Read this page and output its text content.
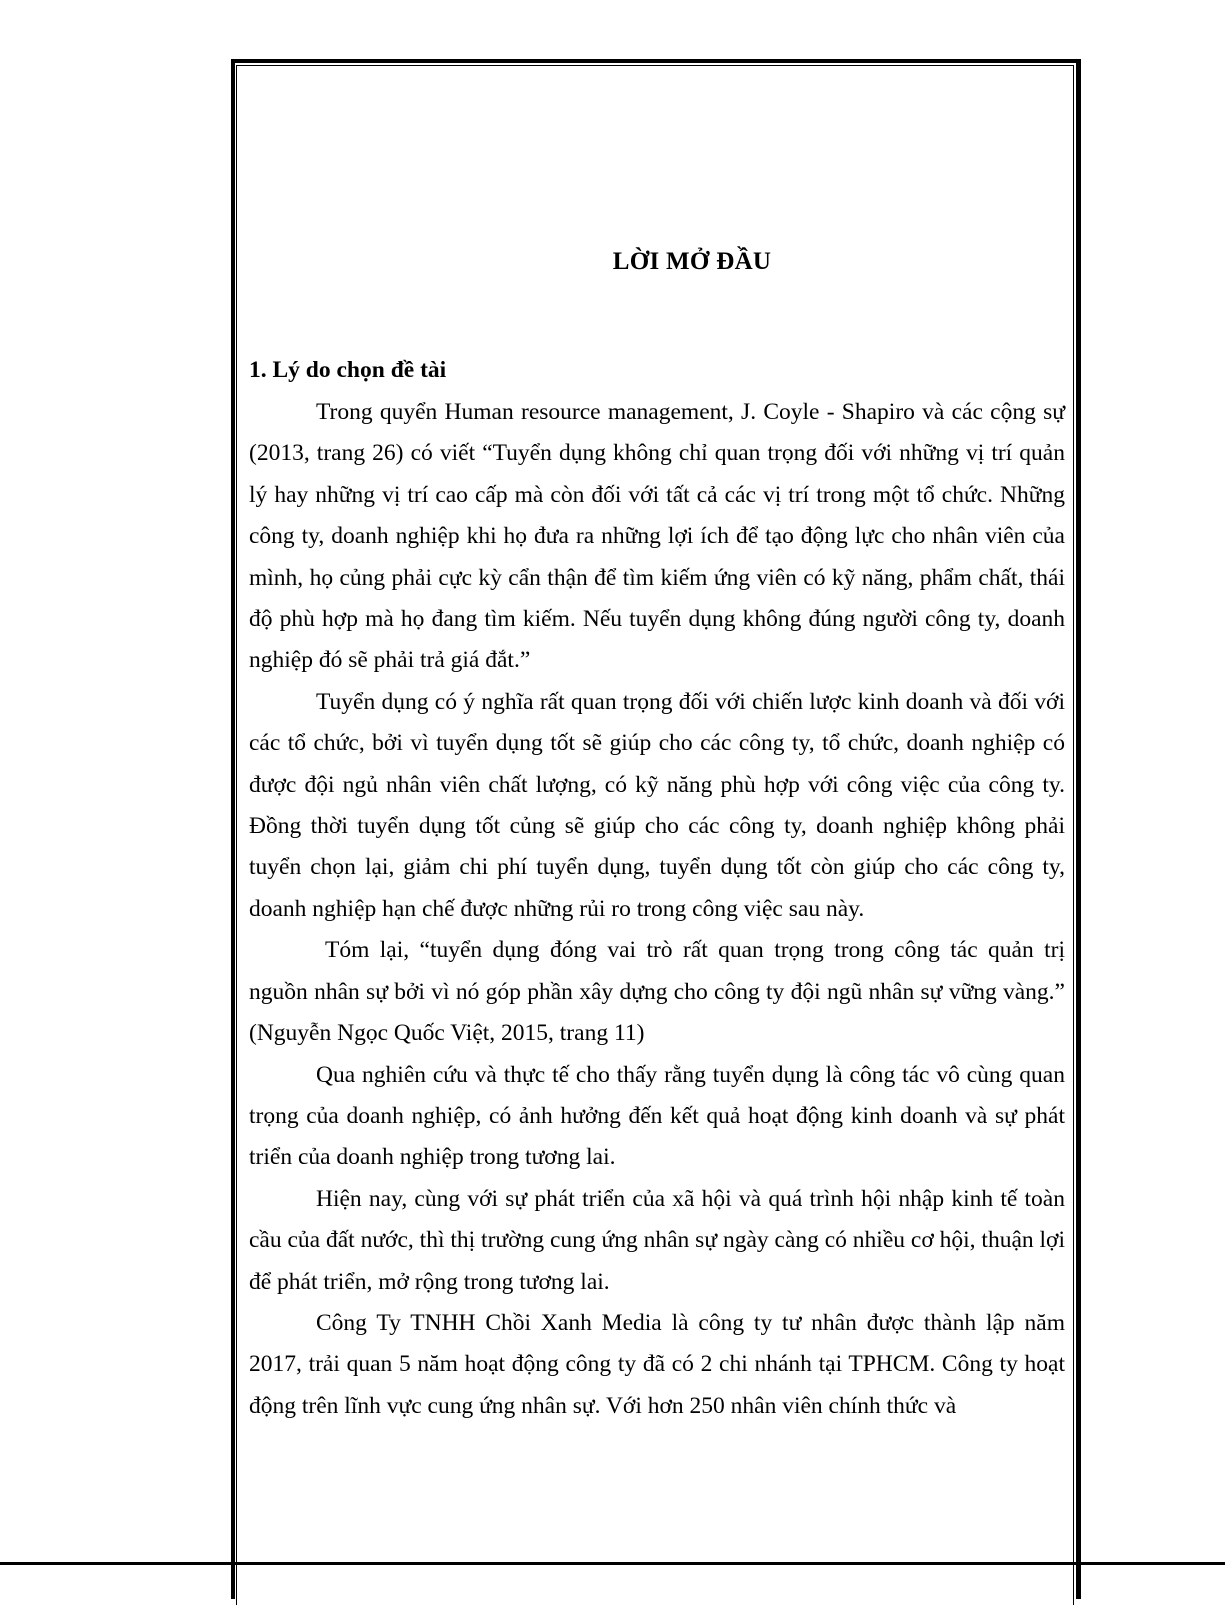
LỜI MỞ ĐẦU
1. Lý do chọn đề tài

Trong quyển Human resource management, J. Coyle - Shapiro và các cộng sự (2013, trang 26) có viết “Tuyển dụng không chỉ quan trọng đối với những vị trí quản lý hay những vị trí cao cấp mà còn đối với tất cả các vị trí trong một tổ chức. Những công ty, doanh nghiệp khi họ đưa ra những lợi ích để tạo động lực cho nhân viên của mình, họ củng phải cực kỳ cẩn thận để tìm kiếm ứng viên có kỹ năng, phẩm chất, thái độ phù hợp mà họ đang tìm kiếm. Nếu tuyển dụng không đúng người công ty, doanh nghiệp đó sẽ phải trả giá đắt.”

Tuyển dụng có ý nghĩa rất quan trọng đối với chiến lược kinh doanh và đối với các tổ chức, bởi vì tuyển dụng tốt sẽ giúp cho các công ty, tổ chức, doanh nghiệp có được đội ngủ nhân viên chất lượng, có kỹ năng phù hợp với công việc của công ty. Đồng thời tuyển dụng tốt củng sẽ giúp cho các công ty, doanh nghiệp không phải tuyển chọn lại, giảm chi phí tuyển dụng, tuyển dụng tốt còn giúp cho các công ty, doanh nghiệp hạn chế được những rủi ro trong công việc sau này.

Tóm lại, “tuyển dụng đóng vai trò rất quan trọng trong công tác quản trị nguồn nhân sự bởi vì nó góp phần xây dựng cho công ty đội ngũ nhân sự vững vàng.” (Nguyễn Ngọc Quốc Việt, 2015, trang 11)

Qua nghiên cứu và thực tế cho thấy rằng tuyển dụng là công tác vô cùng quan trọng của doanh nghiệp, có ảnh hưởng đến kết quả hoạt động kinh doanh và sự phát triển của doanh nghiệp trong tương lai.

Hiện nay, cùng với sự phát triển của xã hội và quá trình hội nhập kinh tế toàn cầu của đất nước, thì thị trường cung ứng nhân sự ngày càng có nhiều cơ hội, thuận lợi để phát triển, mở rộng trong tương lai.

Công Ty TNHH Chồi Xanh Media là công ty tư nhân được thành lập năm 2017, trải quan 5 năm hoạt động công ty đã có 2 chi nhánh tại TPHCM. Công ty hoạt động trên lĩnh vực cung ứng nhân sự. Với hơn 250 nhân viên chính thức và
